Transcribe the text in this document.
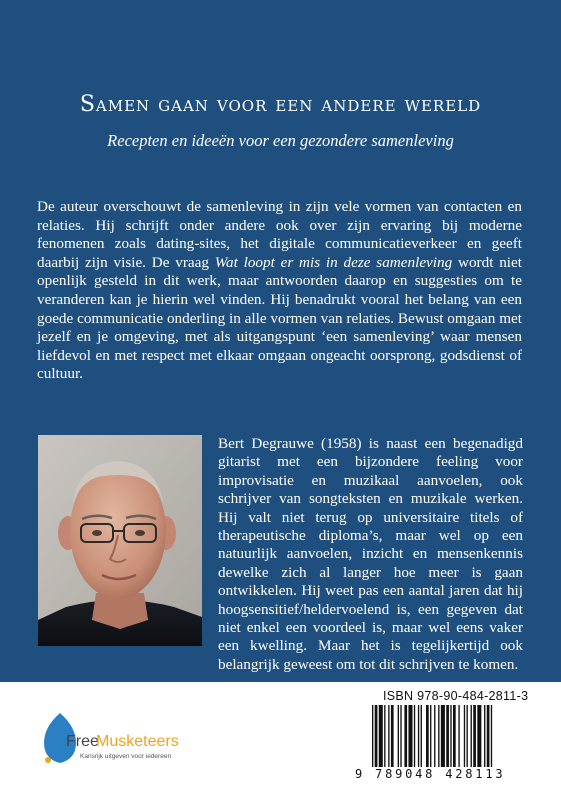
Samen gaan voor een andere wereld
Recepten en ideeën voor een gezondere samenleving
De auteur overschouwt de samenleving in zijn vele vormen van contacten en relaties. Hij schrijft onder andere ook over zijn ervaring bij moderne fenomenen zoals dating-sites, het digitale communicatieverkeer en geeft daarbij zijn visie. De vraag Wat loopt er mis in deze samenleving wordt niet openlijk gesteld in dit werk, maar antwoorden daarop en suggesties om te veranderen kan je hierin wel vinden. Hij benadrukt vooral het belang van een goede communicatie onderling in alle vormen van relaties. Bewust omgaan met jezelf en je omgeving, met als uitgangspunt ‘een samenleving’ waar mensen liefdevol en met respect met elkaar omgaan ongeacht oorsprong, godsdienst of cultuur.
Bert Degrauwe (1958) is naast een begenadigd gitarist met een bijzondere feeling voor improvisatie en muzikaal aanvoelen, ook schrijver van songteksten en muzikale werken. Hij valt niet terug op universitaire titels of therapeutische diploma’s, maar wel op een natuurlijk aanvoelen, inzicht en mensenkennis dewelke zich al langer hoe meer is gaan ontwikkelen. Hij weet pas een aantal jaren dat hij hoogsensitief/heldervoelend is, een gegeven dat niet enkel een voordeel is, maar wel eens vaker een kwelling. Maar het is tegelijkertijd ook belangrijk geweest om tot dit schrijven te komen.
Free
Musketeers
Kansrijk uitgeven voor iedereen
ISBN 978-90-484-2811-3
9 789048 428113
